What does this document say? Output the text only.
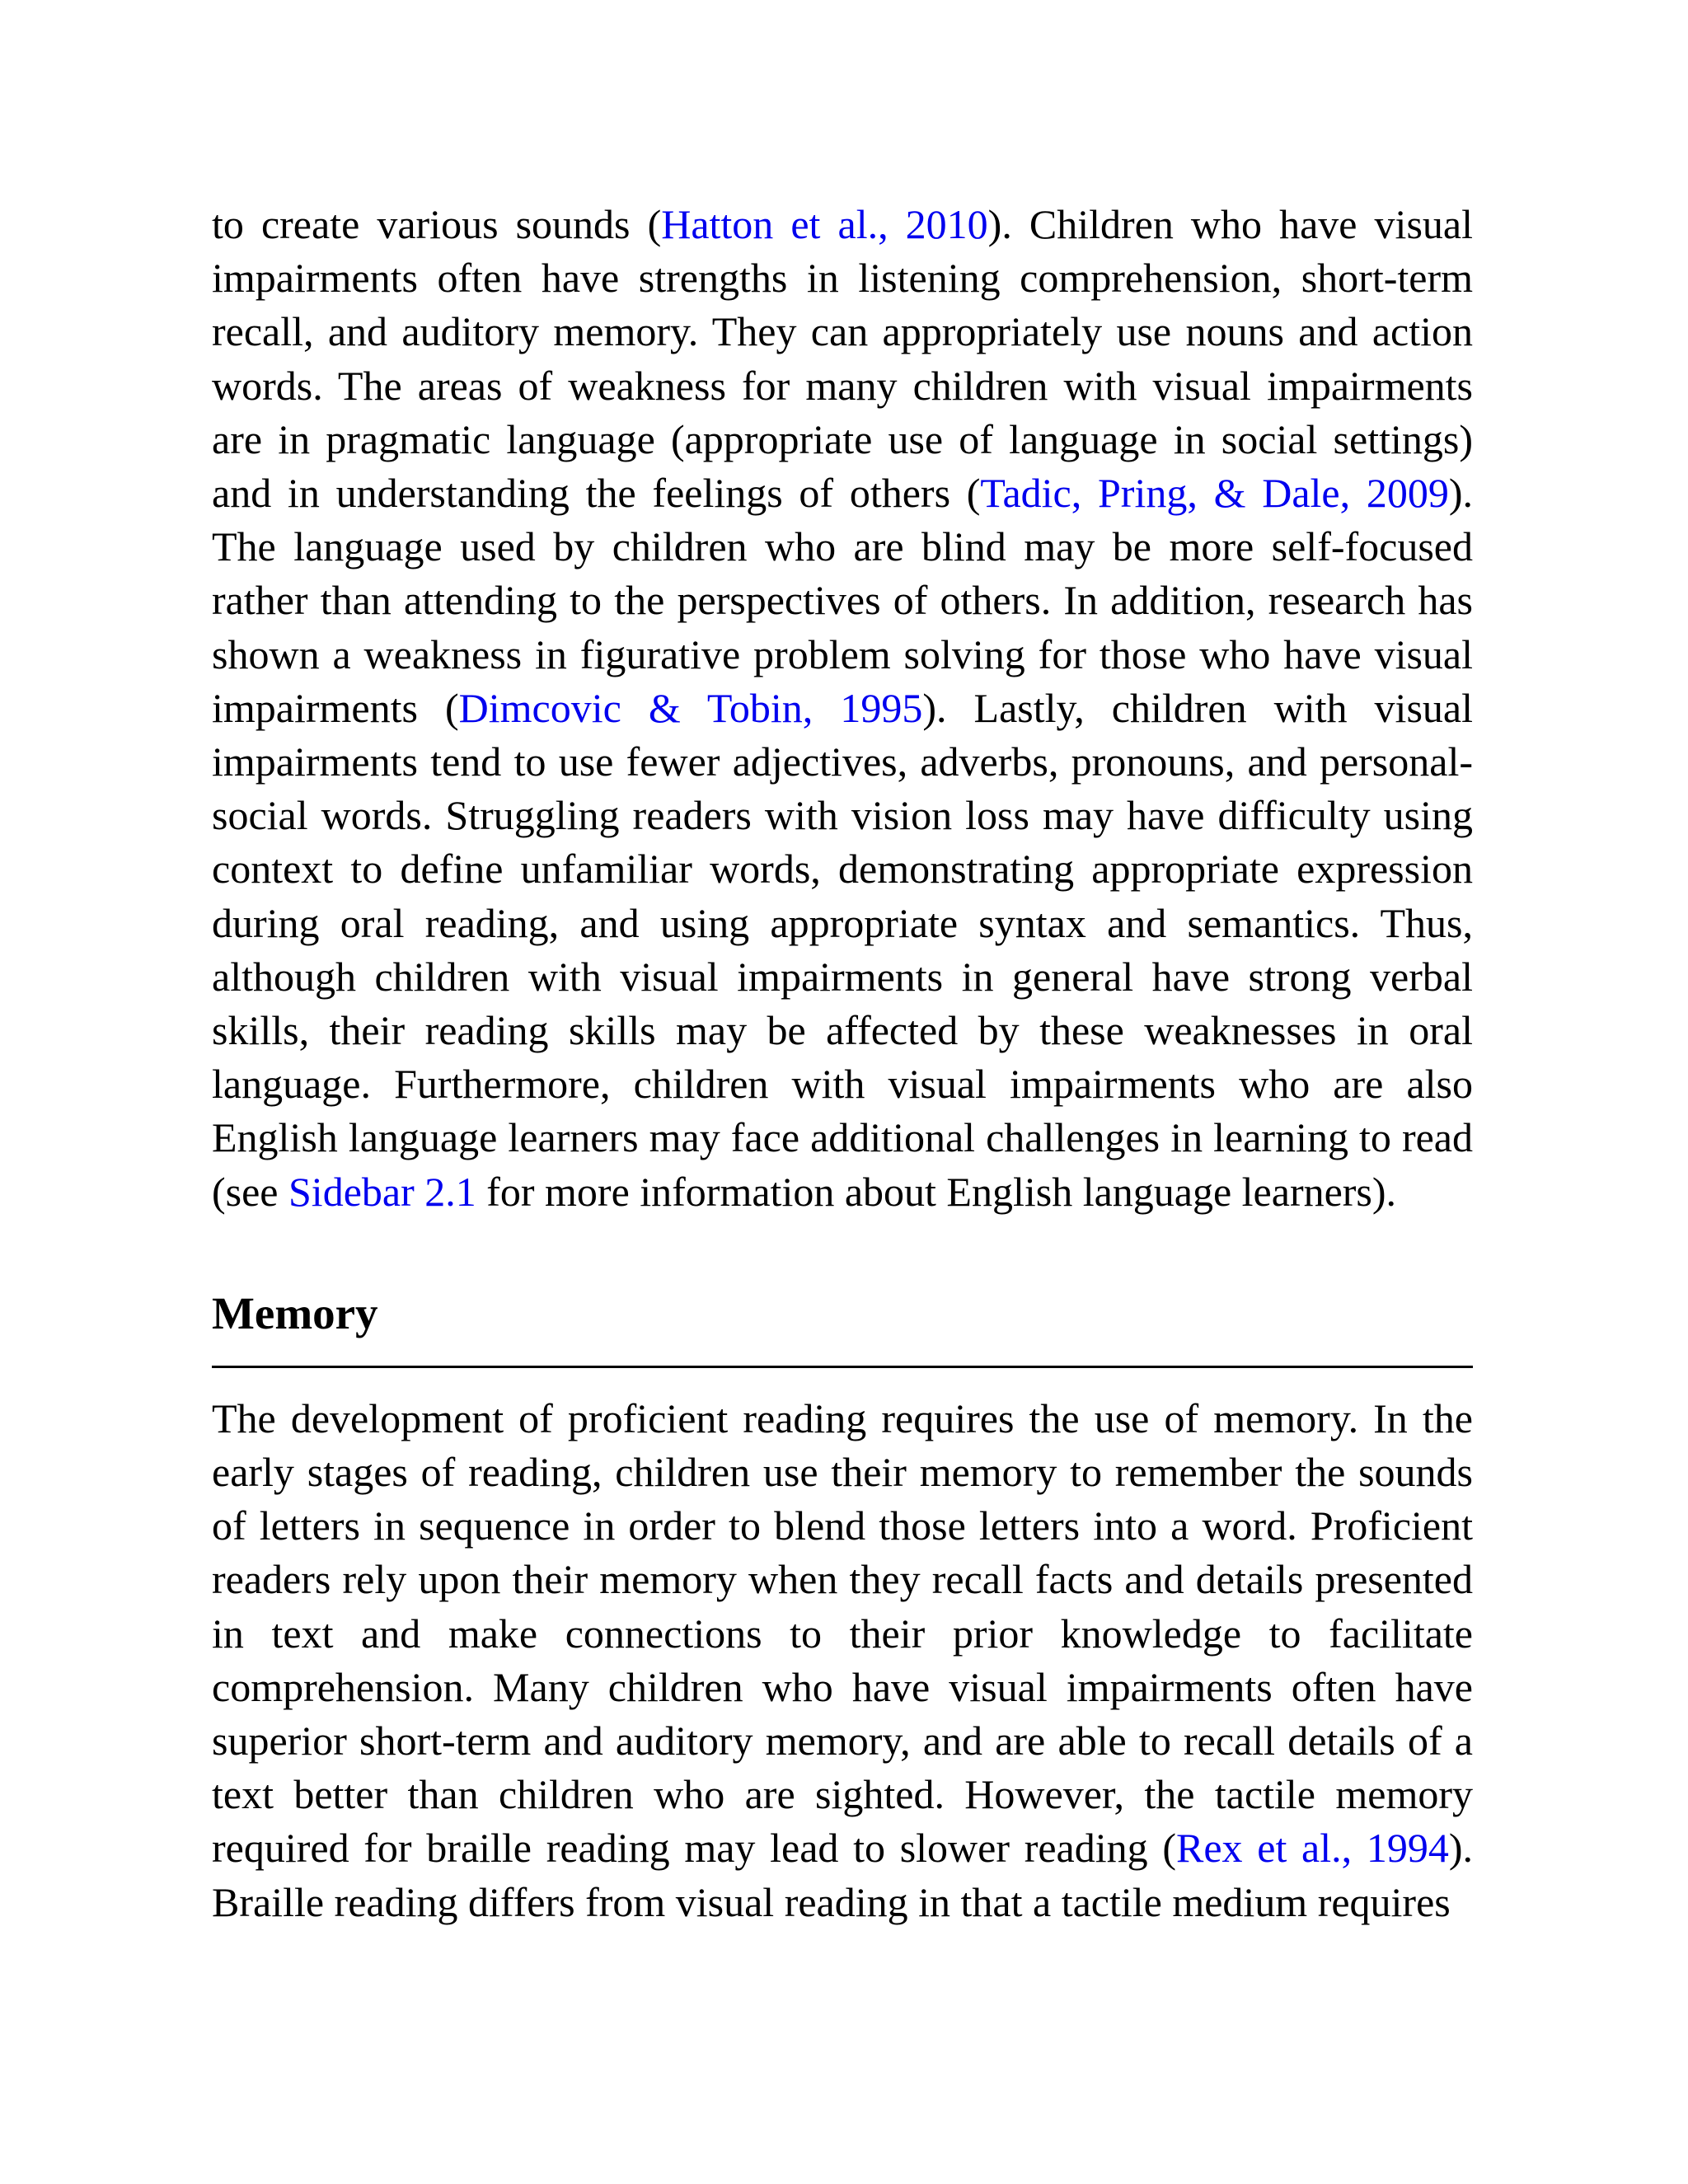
to create various sounds (Hatton et al., 2010). Children who have visual impairments often have strengths in listening comprehension, short-term recall, and auditory memory. They can appropriately use nouns and action words. The areas of weakness for many children with visual impairments are in pragmatic language (appropriate use of language in social settings) and in understanding the feelings of others (Tadic, Pring, & Dale, 2009). The language used by children who are blind may be more self-focused rather than attending to the perspectives of others. In addition, research has shown a weakness in figurative problem solving for those who have visual impairments (Dimcovic & Tobin, 1995). Lastly, children with visual impairments tend to use fewer adjectives, adverbs, pronouns, and personal-social words. Struggling readers with vision loss may have difficulty using context to define unfamiliar words, demonstrating appropriate expression during oral reading, and using appropriate syntax and semantics. Thus, although children with visual impairments in general have strong verbal skills, their reading skills may be affected by these weaknesses in oral language. Furthermore, children with visual impairments who are also English language learners may face additional challenges in learning to read (see Sidebar 2.1 for more information about English language learners).

Memory

The development of proficient reading requires the use of memory. In the early stages of reading, children use their memory to remember the sounds of letters in sequence in order to blend those letters into a word. Proficient readers rely upon their memory when they recall facts and details presented in text and make connections to their prior knowledge to facilitate comprehension. Many children who have visual impairments often have superior short-term and auditory memory, and are able to recall details of a text better than children who are sighted. However, the tactile memory required for braille reading may lead to slower reading (Rex et al., 1994). Braille reading differs from visual reading in that a tactile medium requires
